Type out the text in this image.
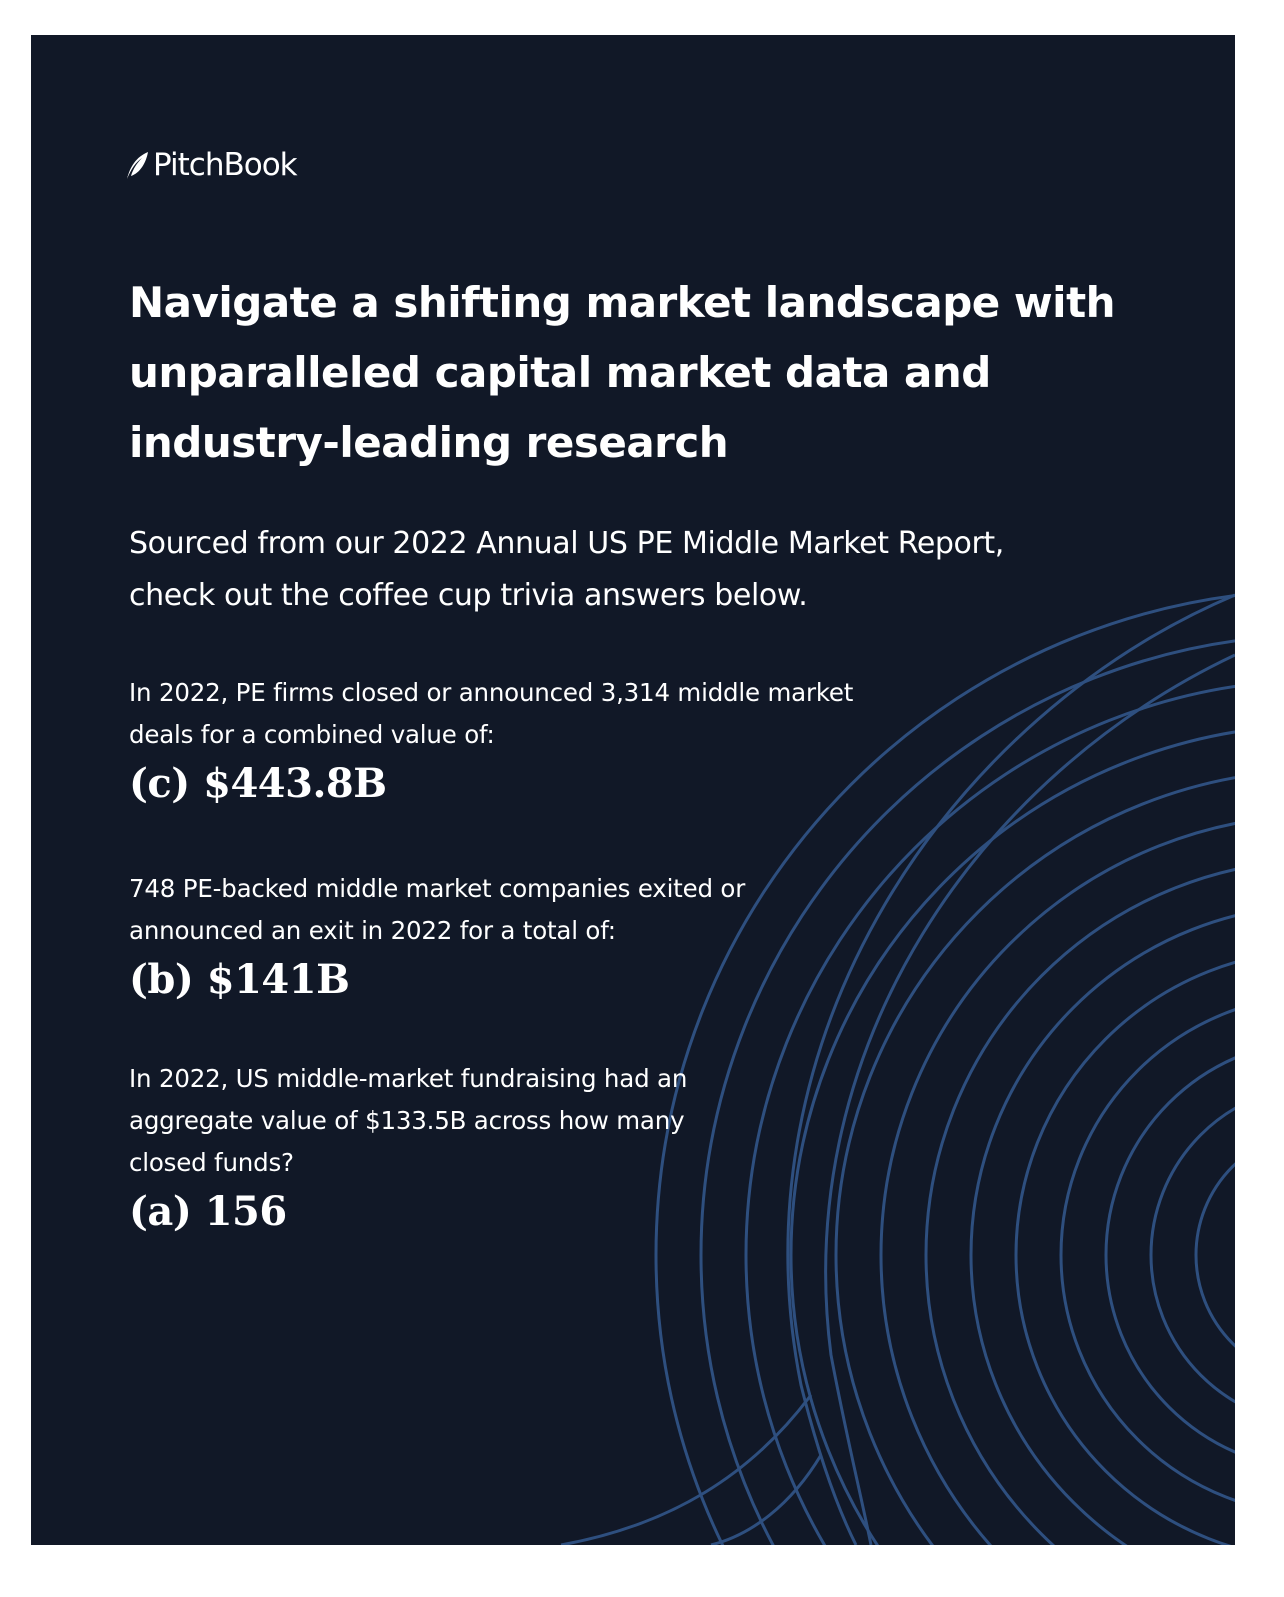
PitchBook
Navigate a shifting market landscape with unparalleled capital market data and industry-leading research

Sourced from our 2022 Annual US PE Middle Market Report, check out the coffee cup trivia answers below.

In 2022, PE firms closed or announced 3,314 middle market deals for a combined value of:

(c) $443.8B

748 PE-backed middle market companies exited or announced an exit in 2022 for a total of:

(b) $141B

In 2022, US middle-market fundraising had an aggregate value of $133.5B across how many closed funds?

(a) 156
